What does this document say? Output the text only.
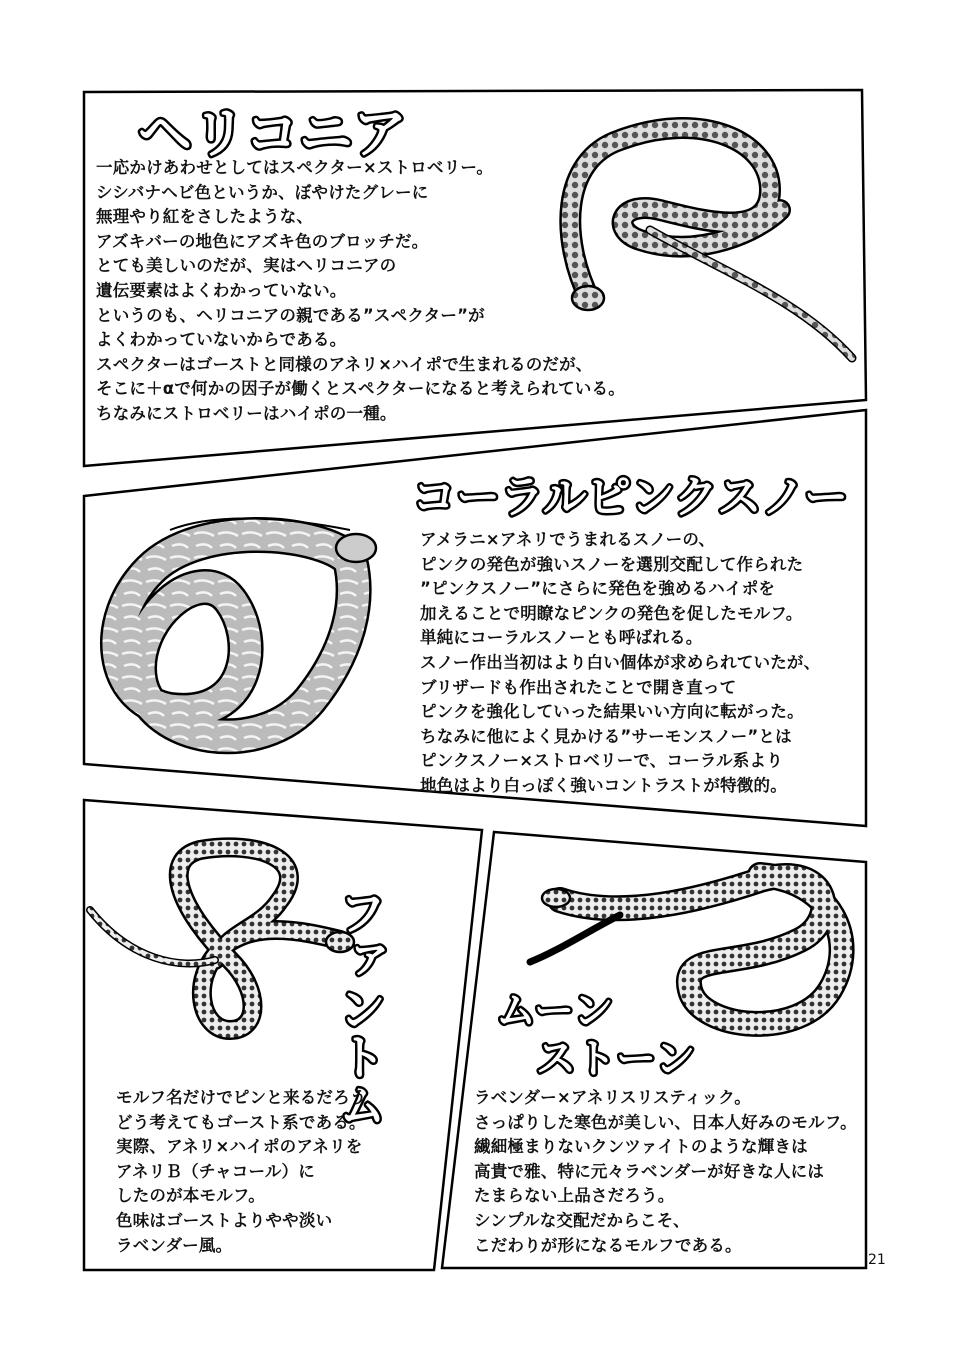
ヘリコニア
コーラルピンクスノー
ファントム	ムーン
ストーン
一応かけあわせとしてはスペクター×ストロベリー。
シシバナヘビ色というか、ぼやけたグレーに
無理やり紅をさしたような、
アズキバーの地色にアズキ色のブロッチだ。
とても美しいのだが、実はヘリコニアの
遺伝要素はよくわかっていない。
というのも、ヘリコニアの親である”スペクター”が
よくわかっていないからである。
スペクターはゴーストと同様のアネリ×ハイポで生まれるのだが、
そこに＋αで何かの因子が働くとスペクターになると考えられている。
ちなみにストロベリーはハイポの一種。
アメラニ×アネリでうまれるスノーの、
ピンクの発色が強いスノーを選別交配して作られた
”ピンクスノー”にさらに発色を強めるハイポを
加えることで明瞭なピンクの発色を促したモルフ。
単純にコーラルスノーとも呼ばれる。
スノー作出当初はより白い個体が求められていたが、
ブリザードも作出されたことで開き直って
ピンクを強化していった結果いい方向に転がった。
ちなみに他によく見かける”サーモンスノー”とは
ピンクスノー×ストロベリーで、コーラル系より
地色はより白っぽく強いコントラストが特徴的。
モルフ名だけでピンと来るだろう、
どう考えてもゴースト系である。
実際、アネリ×ハイポのアネリを
アネリＢ（チャコール）に
したのが本モルフ。
色味はゴーストよりやや淡い
ラベンダー風。
ラベンダー×アネリスリスティック。
さっぱりした寒色が美しい、日本人好みのモルフ。
繊細極まりないクンツァイトのような輝きは
高貴で雅、特に元々ラベンダーが好きな人には
たまらない上品さだろう。
シンプルな交配だからこそ、
こだわりが形になるモルフである。
21
